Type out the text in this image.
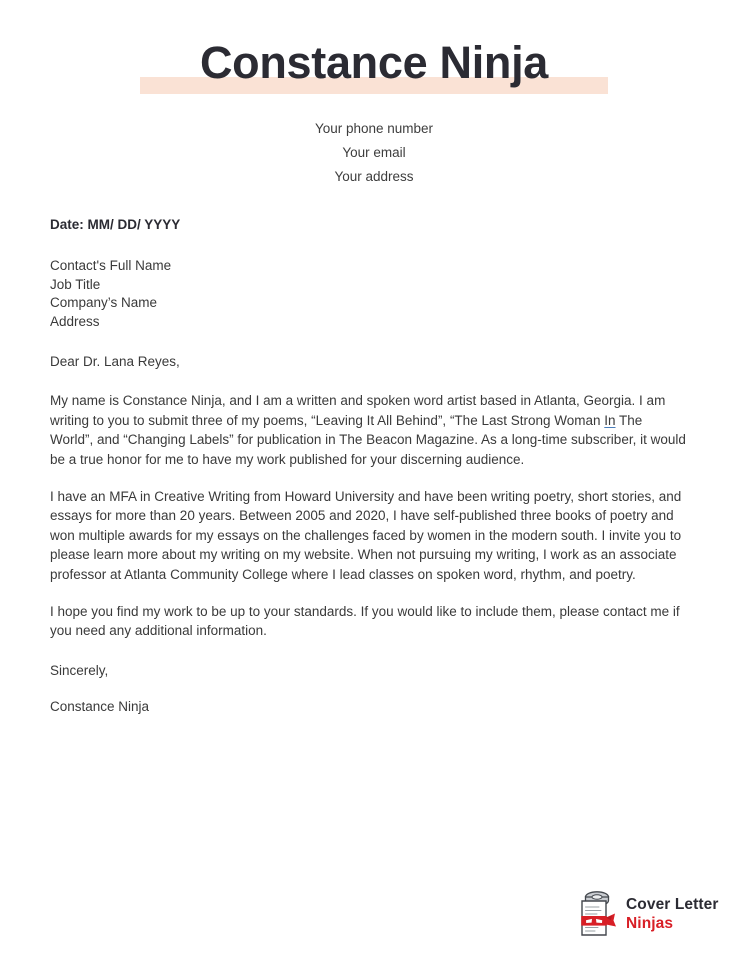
Constance Ninja
Your phone number
Your email
Your address
Date: MM/ DD/ YYYY
Contact's Full Name
Job Title
Company’s Name
Address
Dear Dr. Lana Reyes,

My name is Constance Ninja, and I am a written and spoken word artist based in Atlanta, Georgia. I am writing to you to submit three of my poems, “Leaving It All Behind”, “The Last Strong Woman In The World”, and “Changing Labels” for publication in The Beacon Magazine. As a long-time subscriber, it would be a true honor for me to have my work published for your discerning audience.

I have an MFA in Creative Writing from Howard University and have been writing poetry, short stories, and essays for more than 20 years. Between 2005 and 2020, I have self-published three books of poetry and won multiple awards for my essays on the challenges faced by women in the modern south. I invite you to please learn more about my writing on my website. When not pursuing my writing, I work as an associate professor at Atlanta Community College where I lead classes on spoken word, rhythm, and poetry.

I hope you find my work to be up to your standards. If you would like to include them, please contact me if you need any additional information.

Sincerely,
Constance Ninja
Cover Letter
Ninjas
